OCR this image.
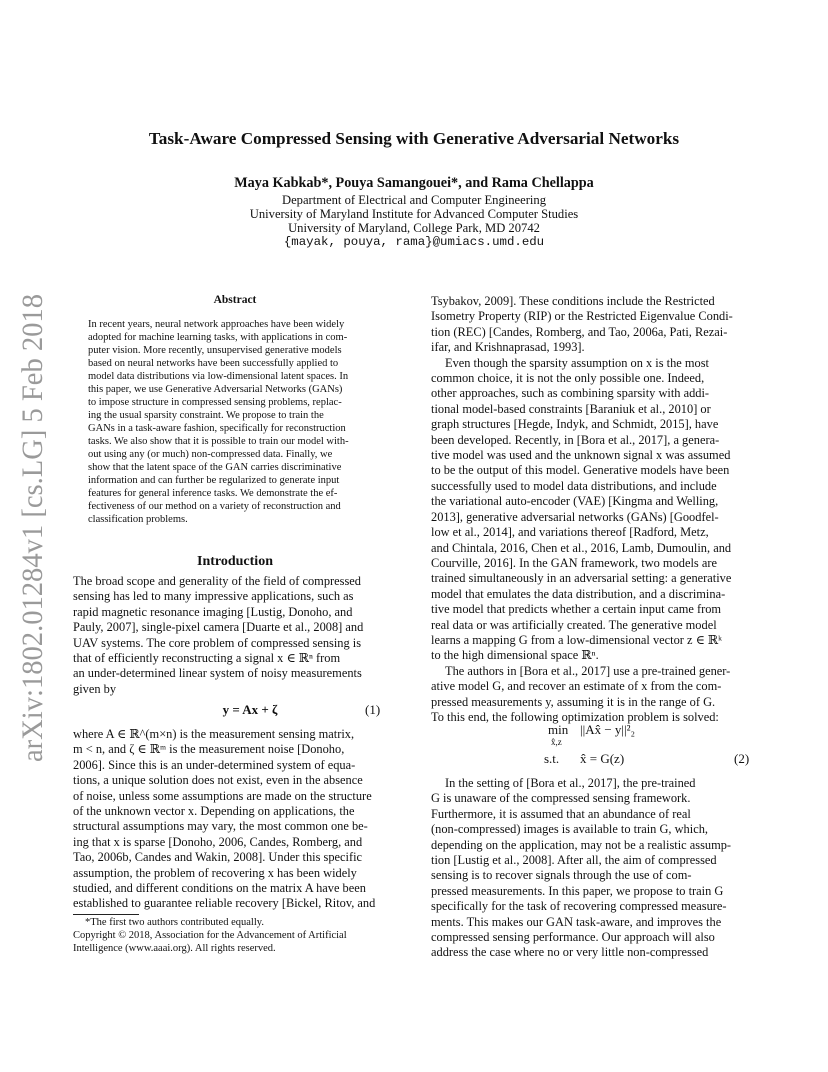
arXiv:1802.01284v1 [cs.LG] 5 Feb 2018
Task-Aware Compressed Sensing with Generative Adversarial Networks
Maya Kabkab*, Pouya Samangouei*, and Rama Chellappa
Department of Electrical and Computer Engineering
University of Maryland Institute for Advanced Computer Studies
University of Maryland, College Park, MD 20742
{mayak, pouya, rama}@umiacs.umd.edu
Abstract
In recent years, neural network approaches have been widely
adopted for machine learning tasks, with applications in com-
puter vision. More recently, unsupervised generative models
based on neural networks have been successfully applied to
model data distributions via low-dimensional latent spaces. In
this paper, we use Generative Adversarial Networks (GANs)
to impose structure in compressed sensing problems, replac-
ing the usual sparsity constraint. We propose to train the
GANs in a task-aware fashion, specifically for reconstruction
tasks. We also show that it is possible to train our model with-
out using any (or much) non-compressed data. Finally, we
show that the latent space of the GAN carries discriminative
information and can further be regularized to generate input
features for general inference tasks. We demonstrate the ef-
fectiveness of our method on a variety of reconstruction and
classification problems.
Introduction
The broad scope and generality of the field of compressed
sensing has led to many impressive applications, such as
rapid magnetic resonance imaging [Lustig, Donoho, and
Pauly, 2007], single-pixel camera [Duarte et al., 2008] and
UAV systems. The core problem of compressed sensing is
that of efficiently reconstructing a signal x ∈ ℝⁿ from
an under-determined linear system of noisy measurements
given by
y = Ax + ζ	(1)
where A ∈ ℝ^(m×n) is the measurement sensing matrix,
m < n, and ζ ∈ ℝᵐ is the measurement noise [Donoho,
2006]. Since this is an under-determined system of equa-
tions, a unique solution does not exist, even in the absence
of noise, unless some assumptions are made on the structure
of the unknown vector x. Depending on applications, the
structural assumptions may vary, the most common one be-
ing that x is sparse [Donoho, 2006, Candes, Romberg, and
Tao, 2006b, Candes and Wakin, 2008]. Under this specific
assumption, the problem of recovering x has been widely
studied, and different conditions on the matrix A have been
established to guarantee reliable recovery [Bickel, Ritov, and
*The first two authors contributed equally.
Copyright © 2018, Association for the Advancement of Artificial
Intelligence (www.aaai.org). All rights reserved.
Tsybakov, 2009]. These conditions include the Restricted
Isometry Property (RIP) or the Restricted Eigenvalue Condi-
tion (REC) [Candes, Romberg, and Tao, 2006a, Pati, Rezai-
ifar, and Krishnaprasad, 1993].
Even though the sparsity assumption on x is the most
common choice, it is not the only possible one. Indeed,
other approaches, such as combining sparsity with addi-
tional model-based constraints [Baraniuk et al., 2010] or
graph structures [Hegde, Indyk, and Schmidt, 2015], have
been developed. Recently, in [Bora et al., 2017], a genera-
tive model was used and the unknown signal x was assumed
to be the output of this model. Generative models have been
successfully used to model data distributions, and include
the variational auto-encoder (VAE) [Kingma and Welling,
2013], generative adversarial networks (GANs) [Goodfel-
low et al., 2014], and variations thereof [Radford, Metz,
and Chintala, 2016, Chen et al., 2016, Lamb, Dumoulin, and
Courville, 2016]. In the GAN framework, two models are
trained simultaneously in an adversarial setting: a generative
model that emulates the data distribution, and a discrimina-
tive model that predicts whether a certain input came from
real data or was artificially created. The generative model
learns a mapping G from a low-dimensional vector z ∈ ℝᵏ
to the high dimensional space ℝⁿ.
The authors in [Bora et al., 2017] use a pre-trained gener-
ative model G, and recover an estimate of x from the com-
pressed measurements y, assuming it is in the range of G.
To this end, the following optimization problem is solved:
min
x̂,z
||Ax̂ − y||²₂
s.t. x̂ = G(z)	(2)
In the setting of [Bora et al., 2017], the pre-trained
G is unaware of the compressed sensing framework.
Furthermore, it is assumed that an abundance of real
(non-compressed) images is available to train G, which,
depending on the application, may not be a realistic assump-
tion [Lustig et al., 2008]. After all, the aim of compressed
sensing is to recover signals through the use of com-
pressed measurements. In this paper, we propose to train G
specifically for the task of recovering compressed measure-
ments. This makes our GAN task-aware, and improves the
compressed sensing performance. Our approach will also
address the case where no or very little non-compressed
